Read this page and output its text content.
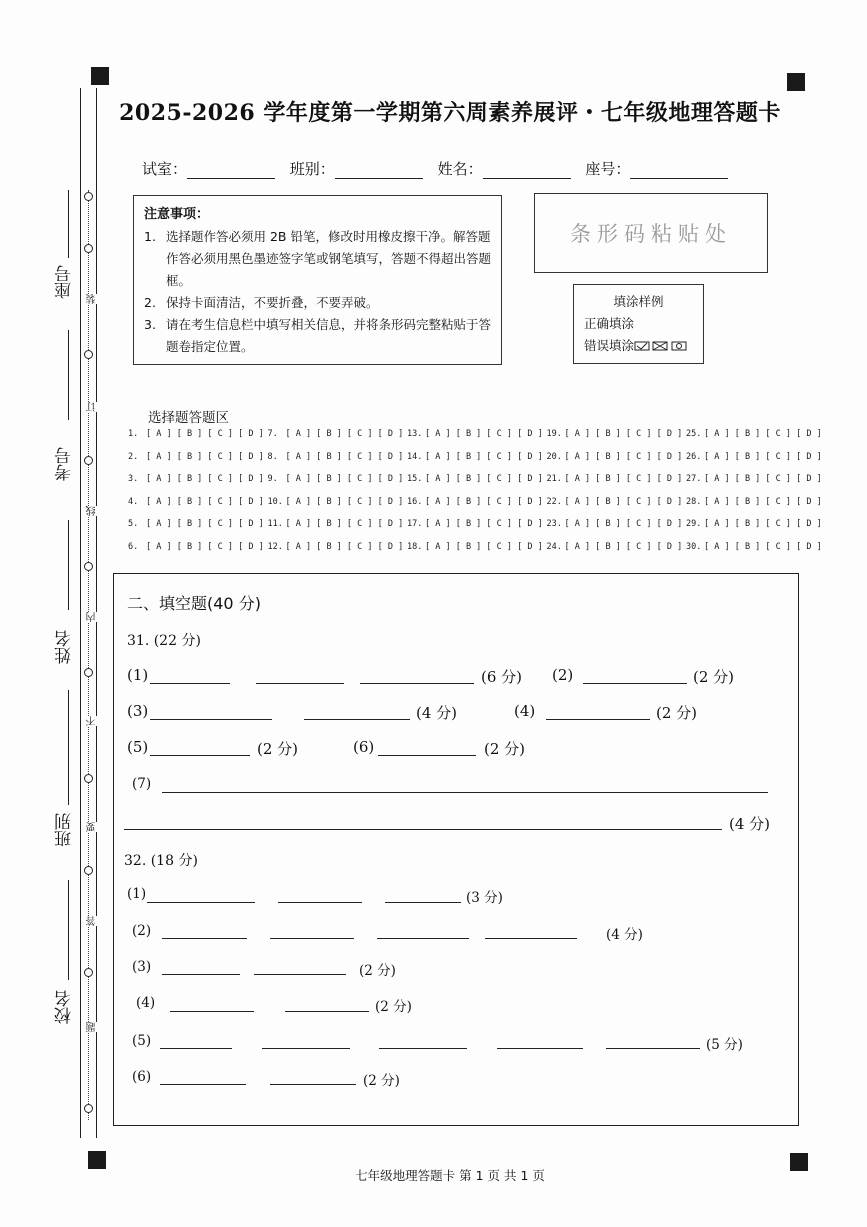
2025-2026 学年度第一学期第六周素养展评・七年级地理答题卡
试室：	班别：	姓名：	座号：
注意事项：
1. 选择题作答必须用 2B 铅笔，修改时用橡皮擦干净。解答题作答必须用黑色墨迹签字笔或钢笔填写，答题不得超出答题框。
2. 保持卡面清洁，不要折叠，不要弄破。
3. 请在考生信息栏中填写相关信息，并将条形码完整粘贴于答题卷指定位置。
条形码粘贴处
填涂样例
正确填涂
错误填涂
选择题答题区
1. [ A ] [ B ] [ C ] [ D ] 7. [ A ] [ B ] [ C ] [ D ] 13. [ A ] [ B ] [ C ] [ D ] 19. [ A ] [ B ] [ C ] [ D ] 25. [ A ] [ B ] [ C ] [ D ]
2. [ A ] [ B ] [ C ] [ D ] 8. [ A ] [ B ] [ C ] [ D ] 14. [ A ] [ B ] [ C ] [ D ] 20. [ A ] [ B ] [ C ] [ D ] 26. [ A ] [ B ] [ C ] [ D ]
3. [ A ] [ B ] [ C ] [ D ] 9. [ A ] [ B ] [ C ] [ D ] 15. [ A ] [ B ] [ C ] [ D ] 21. [ A ] [ B ] [ C ] [ D ] 27. [ A ] [ B ] [ C ] [ D ]
4. [ A ] [ B ] [ C ] [ D ] 10. [ A ] [ B ] [ C ] [ D ] 16. [ A ] [ B ] [ C ] [ D ] 22. [ A ] [ B ] [ C ] [ D ] 28. [ A ] [ B ] [ C ] [ D ]
5. [ A ] [ B ] [ C ] [ D ] 11. [ A ] [ B ] [ C ] [ D ] 17. [ A ] [ B ] [ C ] [ D ] 23. [ A ] [ B ] [ C ] [ D ] 29. [ A ] [ B ] [ C ] [ D ]
6. [ A ] [ B ] [ C ] [ D ] 12. [ A ] [ B ] [ C ] [ D ] 18. [ A ] [ B ] [ C ] [ D ] 24. [ A ] [ B ] [ C ] [ D ] 30. [ A ] [ B ] [ C ] [ D ]
二、填空题(40 分)
31. (22 分)
(1)	(6 分) (2)	(2 分)
(3)	(4 分)	(4)	(2 分)
(5)	(2 分)	(6)	(2 分)
(7)
(4 分)
32. (18 分)
(1)	(3 分)
(2)	(4 分)
(3)	(2 分)
(4)	(2 分)
(5)	(5 分)
(6)	(2 分)
装
订
线
内
不
要
答
题
座号
考号
姓名
班别
校名
七年级地理答题卡 第 1 页 共 1 页
